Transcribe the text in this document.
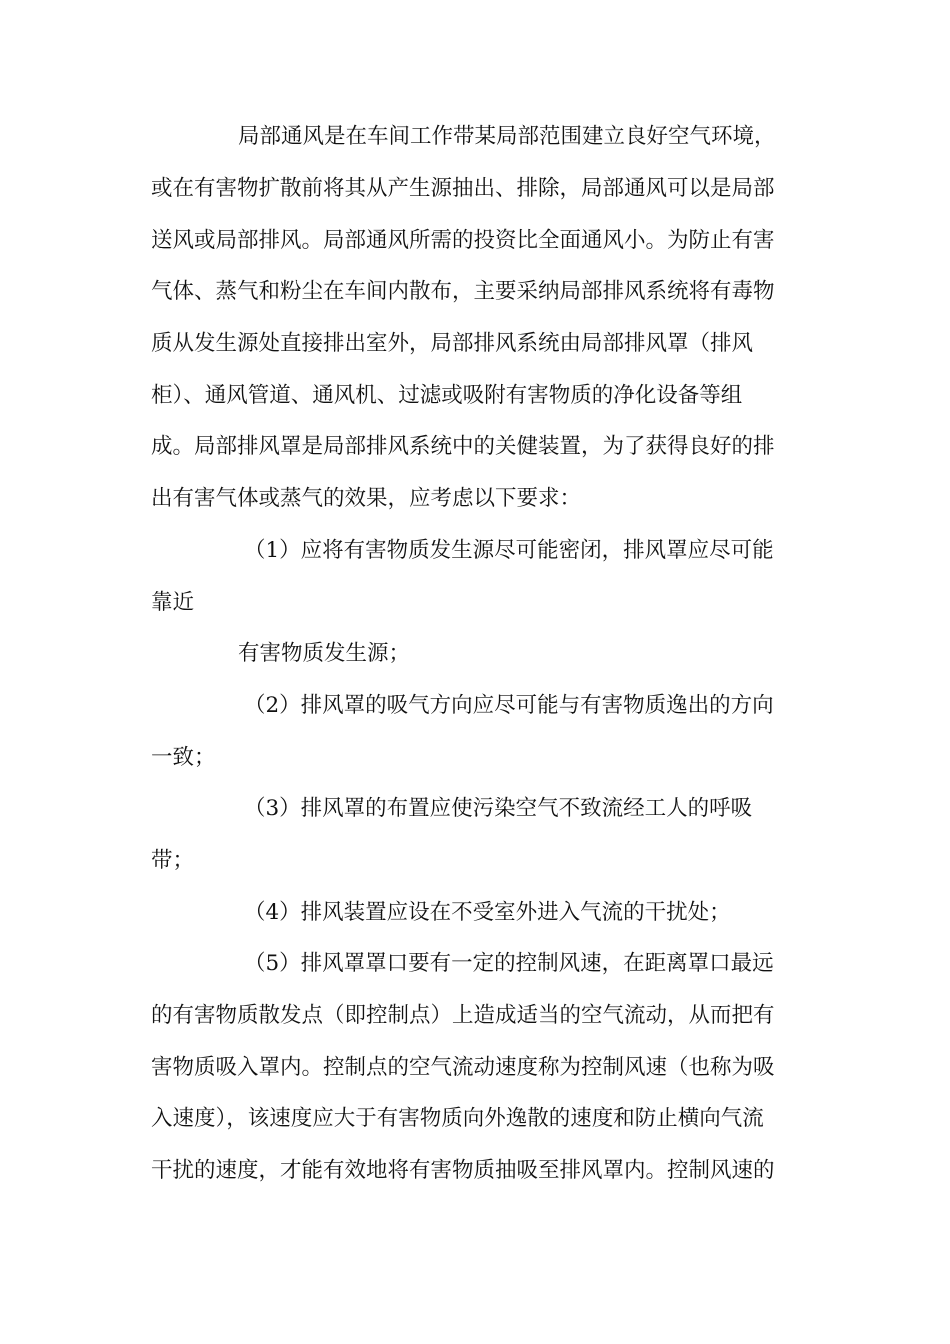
局部通风是在车间工作带某局部范围建立良好空气环境，
或在有害物扩散前将其从产生源抽出、排除，局部通风可以是局部
送风或局部排风。局部通风所需的投资比全面通风小。为防止有害
气体、蒸气和粉尘在车间内散布，主要采纳局部排风系统将有毒物
质从发生源处直接排出室外，局部排风系统由局部排风罩（排风
柜）、通风管道、通风机、过滤或吸附有害物质的净化设备等组
成。局部排风罩是局部排风系统中的关健装置，为了获得良好的排
出有害气体或蒸气的效果，应考虑以下要求：
（1）应将有害物质发生源尽可能密闭，排风罩应尽可能
靠近
有害物质发生源；
（2）排风罩的吸气方向应尽可能与有害物质逸出的方向
一致；
（3）排风罩的布置应使污染空气不致流经工人的呼吸
带；
（4）排风装置应设在不受室外进入气流的干扰处；
（5）排风罩罩口要有一定的控制风速，在距离罩口最远
的有害物质散发点（即控制点）上造成适当的空气流动，从而把有
害物质吸入罩内。控制点的空气流动速度称为控制风速（也称为吸
入速度），该速度应大于有害物质向外逸散的速度和防止横向气流
干扰的速度，才能有效地将有害物质抽吸至排风罩内。控制风速的
